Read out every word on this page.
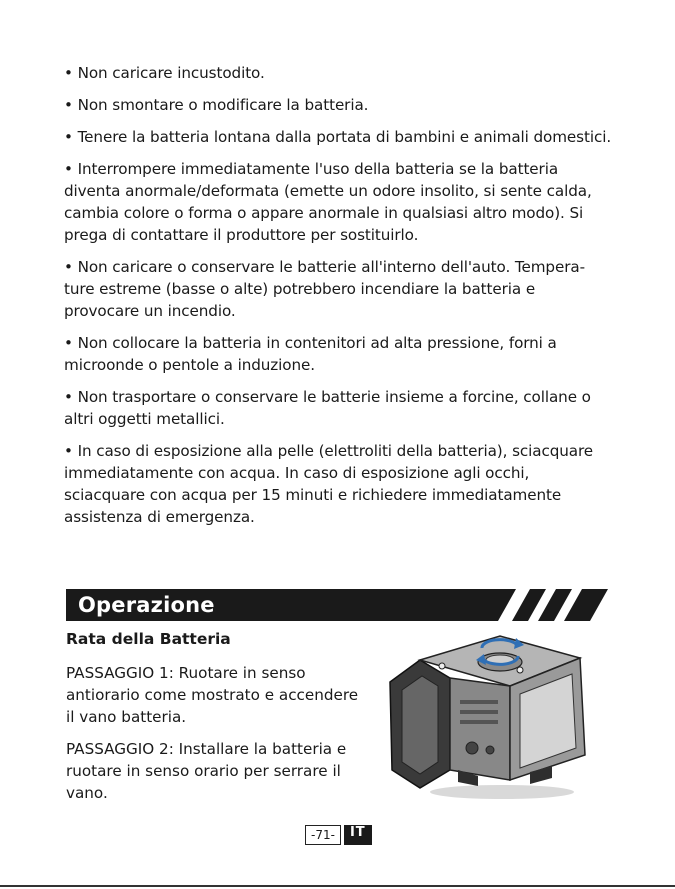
• Non caricare incustodito.

• Non smontare o modificare la batteria.

• Tenere la batteria lontana dalla portata di bambini e animali domestici.

• Interrompere immediatamente l'uso della batteria se la batteria diventa anormale/deformata (emette un odore insolito, si sente calda, cambia colore o forma o appare anormale in qualsiasi altro modo). Si prega di contattare il produttore per sostituirlo.

• Non caricare o conservare le batterie all'interno dell'auto. Tempera-ture estreme (basse o alte) potrebbero incendiare la batteria e provocare un incendio.

• Non collocare la batteria in contenitori ad alta pressione, forni a microonde o pentole a induzione.

• Non trasportare o conservare le batterie insieme a forcine, collane o altri oggetti metallici.

• In caso di esposizione alla pelle (elettroliti della batteria), sciacquare immediatamente con acqua. In caso di esposizione agli occhi, sciacquare con acqua per 15 minuti e richiedere immediatamente assistenza di emergenza.

Operazione
Rata della Batteria

PASSAGGIO 1: Ruotare in senso antiorario come mostrato e accendere il vano batteria.

PASSAGGIO 2: Installare la batteria e ruotare in senso orario per serrare il vano.

-71- IT
